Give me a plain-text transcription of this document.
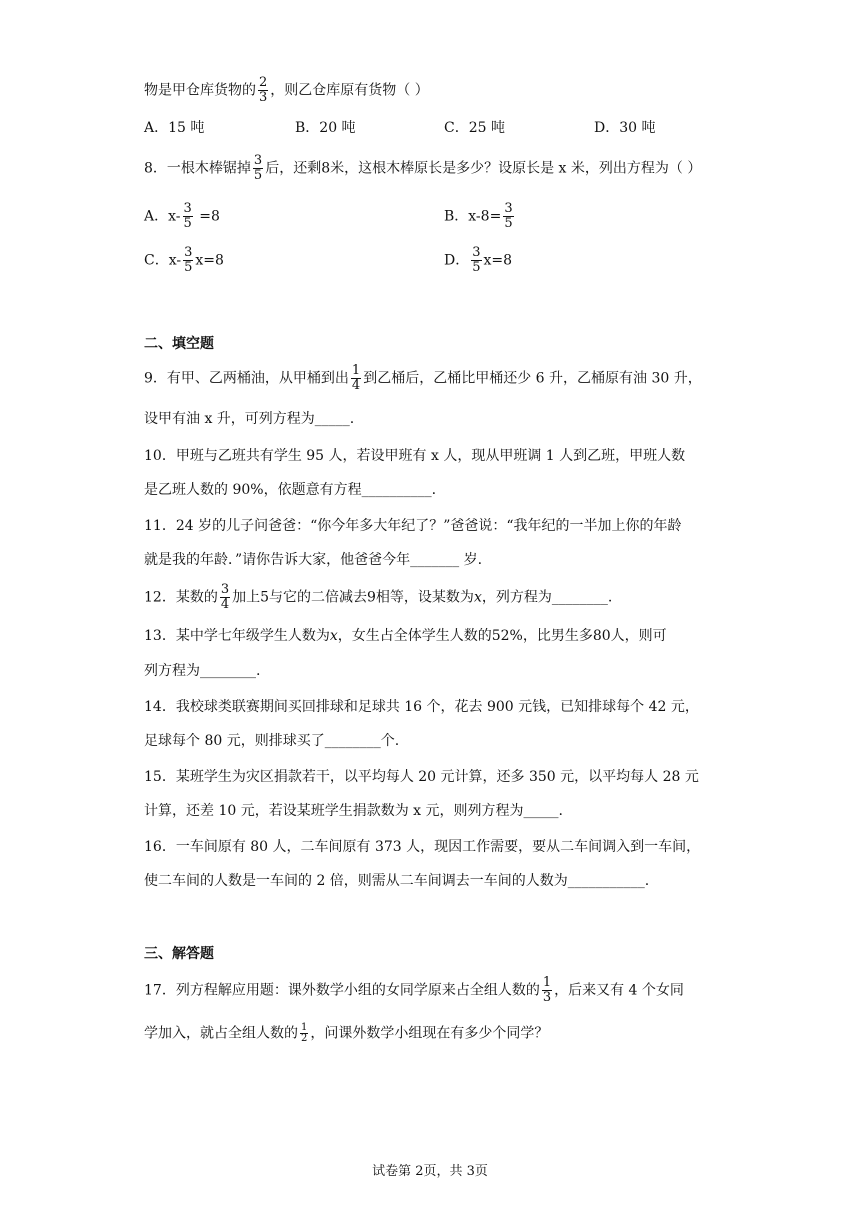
物是甲仓库货物的 $\frac{2}{3}$ ，则乙仓库原有货物（ ）
A．15 吨	B．20 吨	C．25 吨	D．30 吨
8．一根木棒锯掉 $\frac{3}{5}$ 后，还剩8米，这根木棒原长是多少？设原长是 x 米，列出方程为（ ）
A．$x- \frac{3}{5} =8$	B．$x-8= \frac{3}{5}$
C．$x- \frac{3}{5} x=8$	D． $\frac{3}{5} x=8$
二、填空题
9．有甲、乙两桶油，从甲桶到出 $\frac{1}{4}$ 到乙桶后，乙桶比甲桶还少 6 升，乙桶原有油 30 升，
设甲有油 x 升，可列方程为_____.
10．甲班与乙班共有学生 95 人，若设甲班有 x 人，现从甲班调 1 人到乙班，甲班人数
是乙班人数的 90%，依题意有方程__________.
11．24 岁的儿子问爸爸：“你今年多大年纪了？”爸爸说：“我年纪的一半加上你的年龄
就是我的年龄．”请你告诉大家，他爸爸今年_______ 岁.
12．某数的 $\frac{3}{4}$ 加上5与它的二倍减去9相等，设某数为x，列方程为________.
13．某中学七年级学生人数为x，女生占全体学生人数的52%，比男生多80人，则可
列方程为________.
14．我校球类联赛期间买回排球和足球共 16 个，花去 900 元钱，已知排球每个 42 元，
足球每个 80 元，则排球买了________个.
15．某班学生为灾区捐款若干，以平均每人 20 元计算，还多 350 元，以平均每人 28 元
计算，还差 10 元，若设某班学生捐款数为 x 元，则列方程为_____.
16．一车间原有 80 人，二车间原有 373 人，现因工作需要，要从二车间调入到一车间，
使二车间的人数是一车间的 2 倍，则需从二车间调去一车间的人数为___________.
三、解答题
17．列方程解应用题：课外数学小组的女同学原来占全组人数的 $\frac{1}{3}$ ，后来又有 4 个女同
学加入，就占全组人数的 $\frac{1}{2}$ ，问课外数学小组现在有多少个同学？
试卷第 2页，共 3页
